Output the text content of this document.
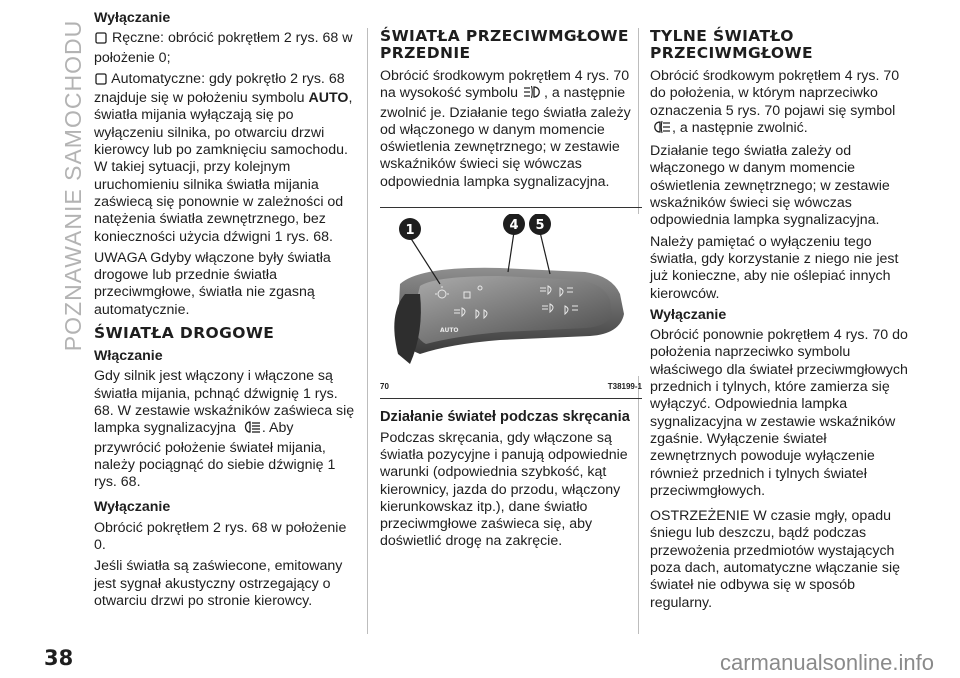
POZNAWANIE SAMOCHODU
38

Wyłączanie

Ręczne: obrócić pokrętłem 2 rys. 68 w położenie 0;

Automatyczne: gdy pokrętło 2 rys. 68 znajduje się w położeniu symbolu AUTO, światła mijania wyłączają się po wyłączeniu silnika, po otwarciu drzwi kierowcy lub po zamknięciu samochodu. W takiej sytuacji, przy kolejnym uruchomieniu silnika światła mijania zaświecą się ponownie w zależności od natężenia światła zewnętrznego, bez konieczności użycia dźwigni 1 rys. 68.

UWAGA Gdyby włączone były światła drogowe lub przednie światła przeciwmgłowe, światła nie zgasną automatycznie.

ŚWIATŁA DROGOWE

Włączanie

Gdy silnik jest włączony i włączone są światła mijania, pchnąć dźwignię 1 rys. 68. W zestawie wskaźników zaświeca się lampka sygnalizacyjna . Aby przywrócić położenie świateł mijania, należy pociągnąć do siebie dźwignię 1 rys. 68.

Wyłączanie

Obrócić pokrętłem 2 rys. 68 w położenie 0.

Jeśli światła są zaświecone, emitowany jest sygnał akustyczny ostrzegający o otwarciu drzwi po stronie kierowcy.

ŚWIATŁA PRZECIWMGŁOWE PRZEDNIE

Obrócić środkowym pokrętłem 4 rys. 70 na wysokość symbolu , a następnie zwolnić je. Działanie tego światła zależy od włączonego w danym momencie oświetlenia zewnętrznego; w zestawie wskaźników świeci się wówczas odpowiednia lampka sygnalizacyjna.

AUTO
1	4 5
70	T38199-1

Działanie świateł podczas skręcania

Podczas skręcania, gdy włączone są światła pozycyjne i panują odpowiednie warunki (odpowiednia szybkość, kąt kierownicy, jazda do przodu, włączony kierunkowskaz itp.), dane światło przeciwmgłowe zaświeca się, aby doświetlić drogę na zakręcie.

TYLNE ŚWIATŁO PRZECIWMGŁOWE

Obrócić środkowym pokrętłem 4 rys. 70 do położenia, w którym naprzeciwko oznaczenia 5 rys. 70 pojawi się symbol , a następnie zwolnić.

Działanie tego światła zależy od włączonego w danym momencie oświetlenia zewnętrznego; w zestawie wskaźników świeci się wówczas odpowiednia lampka sygnalizacyjna.

Należy pamiętać o wyłączeniu tego światła, gdy korzystanie z niego nie jest już konieczne, aby nie oślepiać innych kierowców.

Wyłączanie

Obrócić ponownie pokrętłem 4 rys. 70 do położenia naprzeciwko symbolu właściwego dla świateł przeciwmgłowych przednich i tylnych, które zamierza się wyłączyć. Odpowiednia lampka sygnalizacyjna w zestawie wskaźników zgaśnie. Wyłączenie świateł zewnętrznych powoduje wyłączenie również przednich i tylnych świateł przeciwmgłowych.

OSTRZEŻENIE W czasie mgły, opadu śniegu lub deszczu, bądź podczas przewożenia przedmiotów wystających poza dach, automatyczne włączanie się świateł nie odbywa się w sposób regularny.

carmanualsonline.info
